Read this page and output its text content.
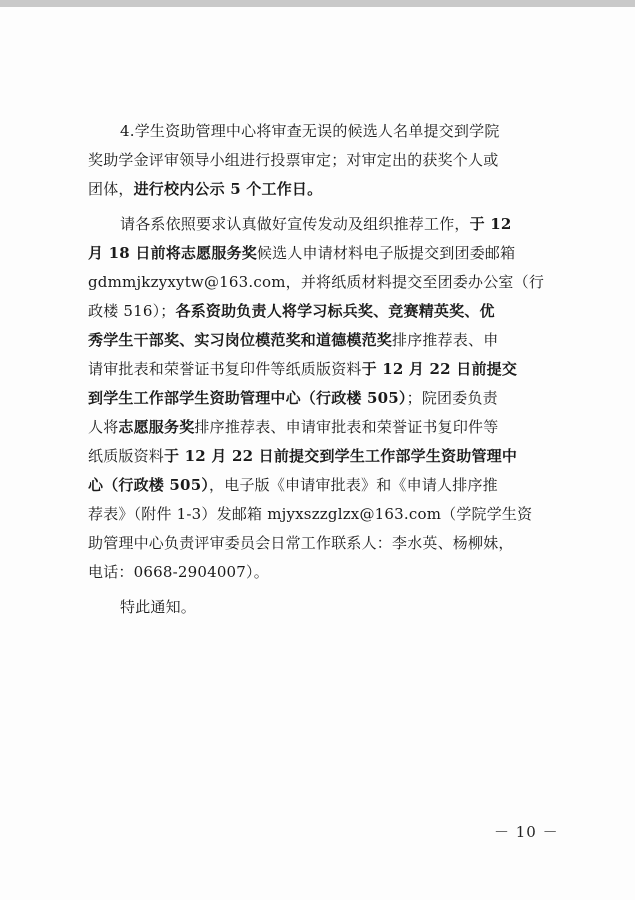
4.学生资助管理中心将审查无误的候选人名单提交到学院
奖助学金评审领导小组进行投票审定；对审定出的获奖个人或
团体，进行校内公示 5 个工作日。
请各系依照要求认真做好宣传发动及组织推荐工作，于 12
月 18 日前将志愿服务奖候选人申请材料电子版提交到团委邮箱
gdmmjkzyxytw@163.com，并将纸质材料提交至团委办公室（行
政楼 516）；各系资助负责人将学习标兵奖、竞赛精英奖、优
秀学生干部奖、实习岗位模范奖和道德模范奖排序推荐表、申
请审批表和荣誉证书复印件等纸质版资料于 12 月 22 日前提交
到学生工作部学生资助管理中心（行政楼 505）；院团委负责
人将志愿服务奖排序推荐表、申请审批表和荣誉证书复印件等
纸质版资料于 12 月 22 日前提交到学生工作部学生资助管理中
心（行政楼 505），电子版《申请审批表》和《申请人排序推
荐表》（附件 1-3）发邮箱 mjyxszzglzx@163.com（学院学生资
助管理中心负责评审委员会日常工作联系人：李水英、杨柳妹，
电话：0668-2904007）。
特此通知。
－ 10 －
